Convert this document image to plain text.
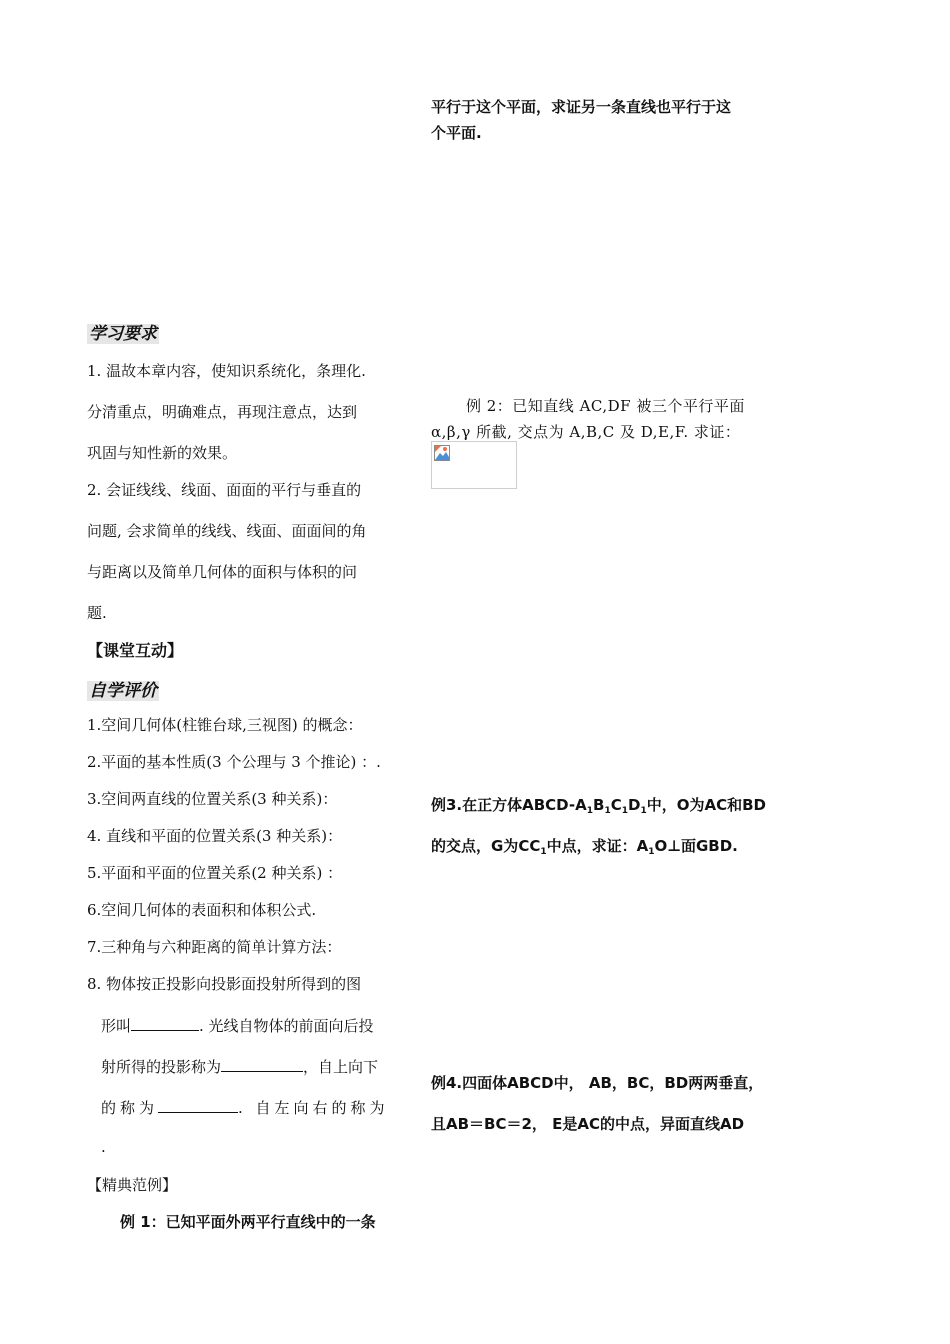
平行于这个平面，求证另一条直线也平行于这
个平面.
例 2：已知直线 AC,DF 被三个平行平面
α,β,γ 所截, 交点为 A,B,C 及 D,E,F. 求证：
例3.在正方体ABCD-$A_1B_1C_1D_1$中，O为AC和BD
的交点，G为$CC_1$中点，求证：$A_1O\perp$面GBD.
例4.四面体ABCD中， AB，BC，BD两两垂直，
且AB＝BC＝2， E是AC的中点，异面直线AD
学习要求
1. 温故本章内容，使知识系统化，条理化.
分清重点，明确难点，再现注意点，达到
巩固与知性新的效果。
2. 会证线线、线面、面面的平行与垂直的
问题, 会求简单的线线、线面、面面间的角
与距离以及简单几何体的面积与体积的问
题.
【课堂互动】
自学评价
1.空间几何体(柱锥台球,三视图) 的概念：
2.平面的基本性质(3 个公理与 3 个推论) ：.
3.空间两直线的位置关系(3 种关系)：
4. 直线和平面的位置关系(3 种关系)：
5.平面和平面的位置关系(2 种关系) ：
6.空间几何体的表面积和体积公式.
7.三种角与六种距离的简单计算方法：
8. 物体按正投影向投影面投射所得到的图
形叫	. 光线自物体的前面向后投
射所得的投影称为	，自上向下
的称为	. 自左向右的称为
.
【精典范例】
例 1：已知平面外两平行直线中的一条
